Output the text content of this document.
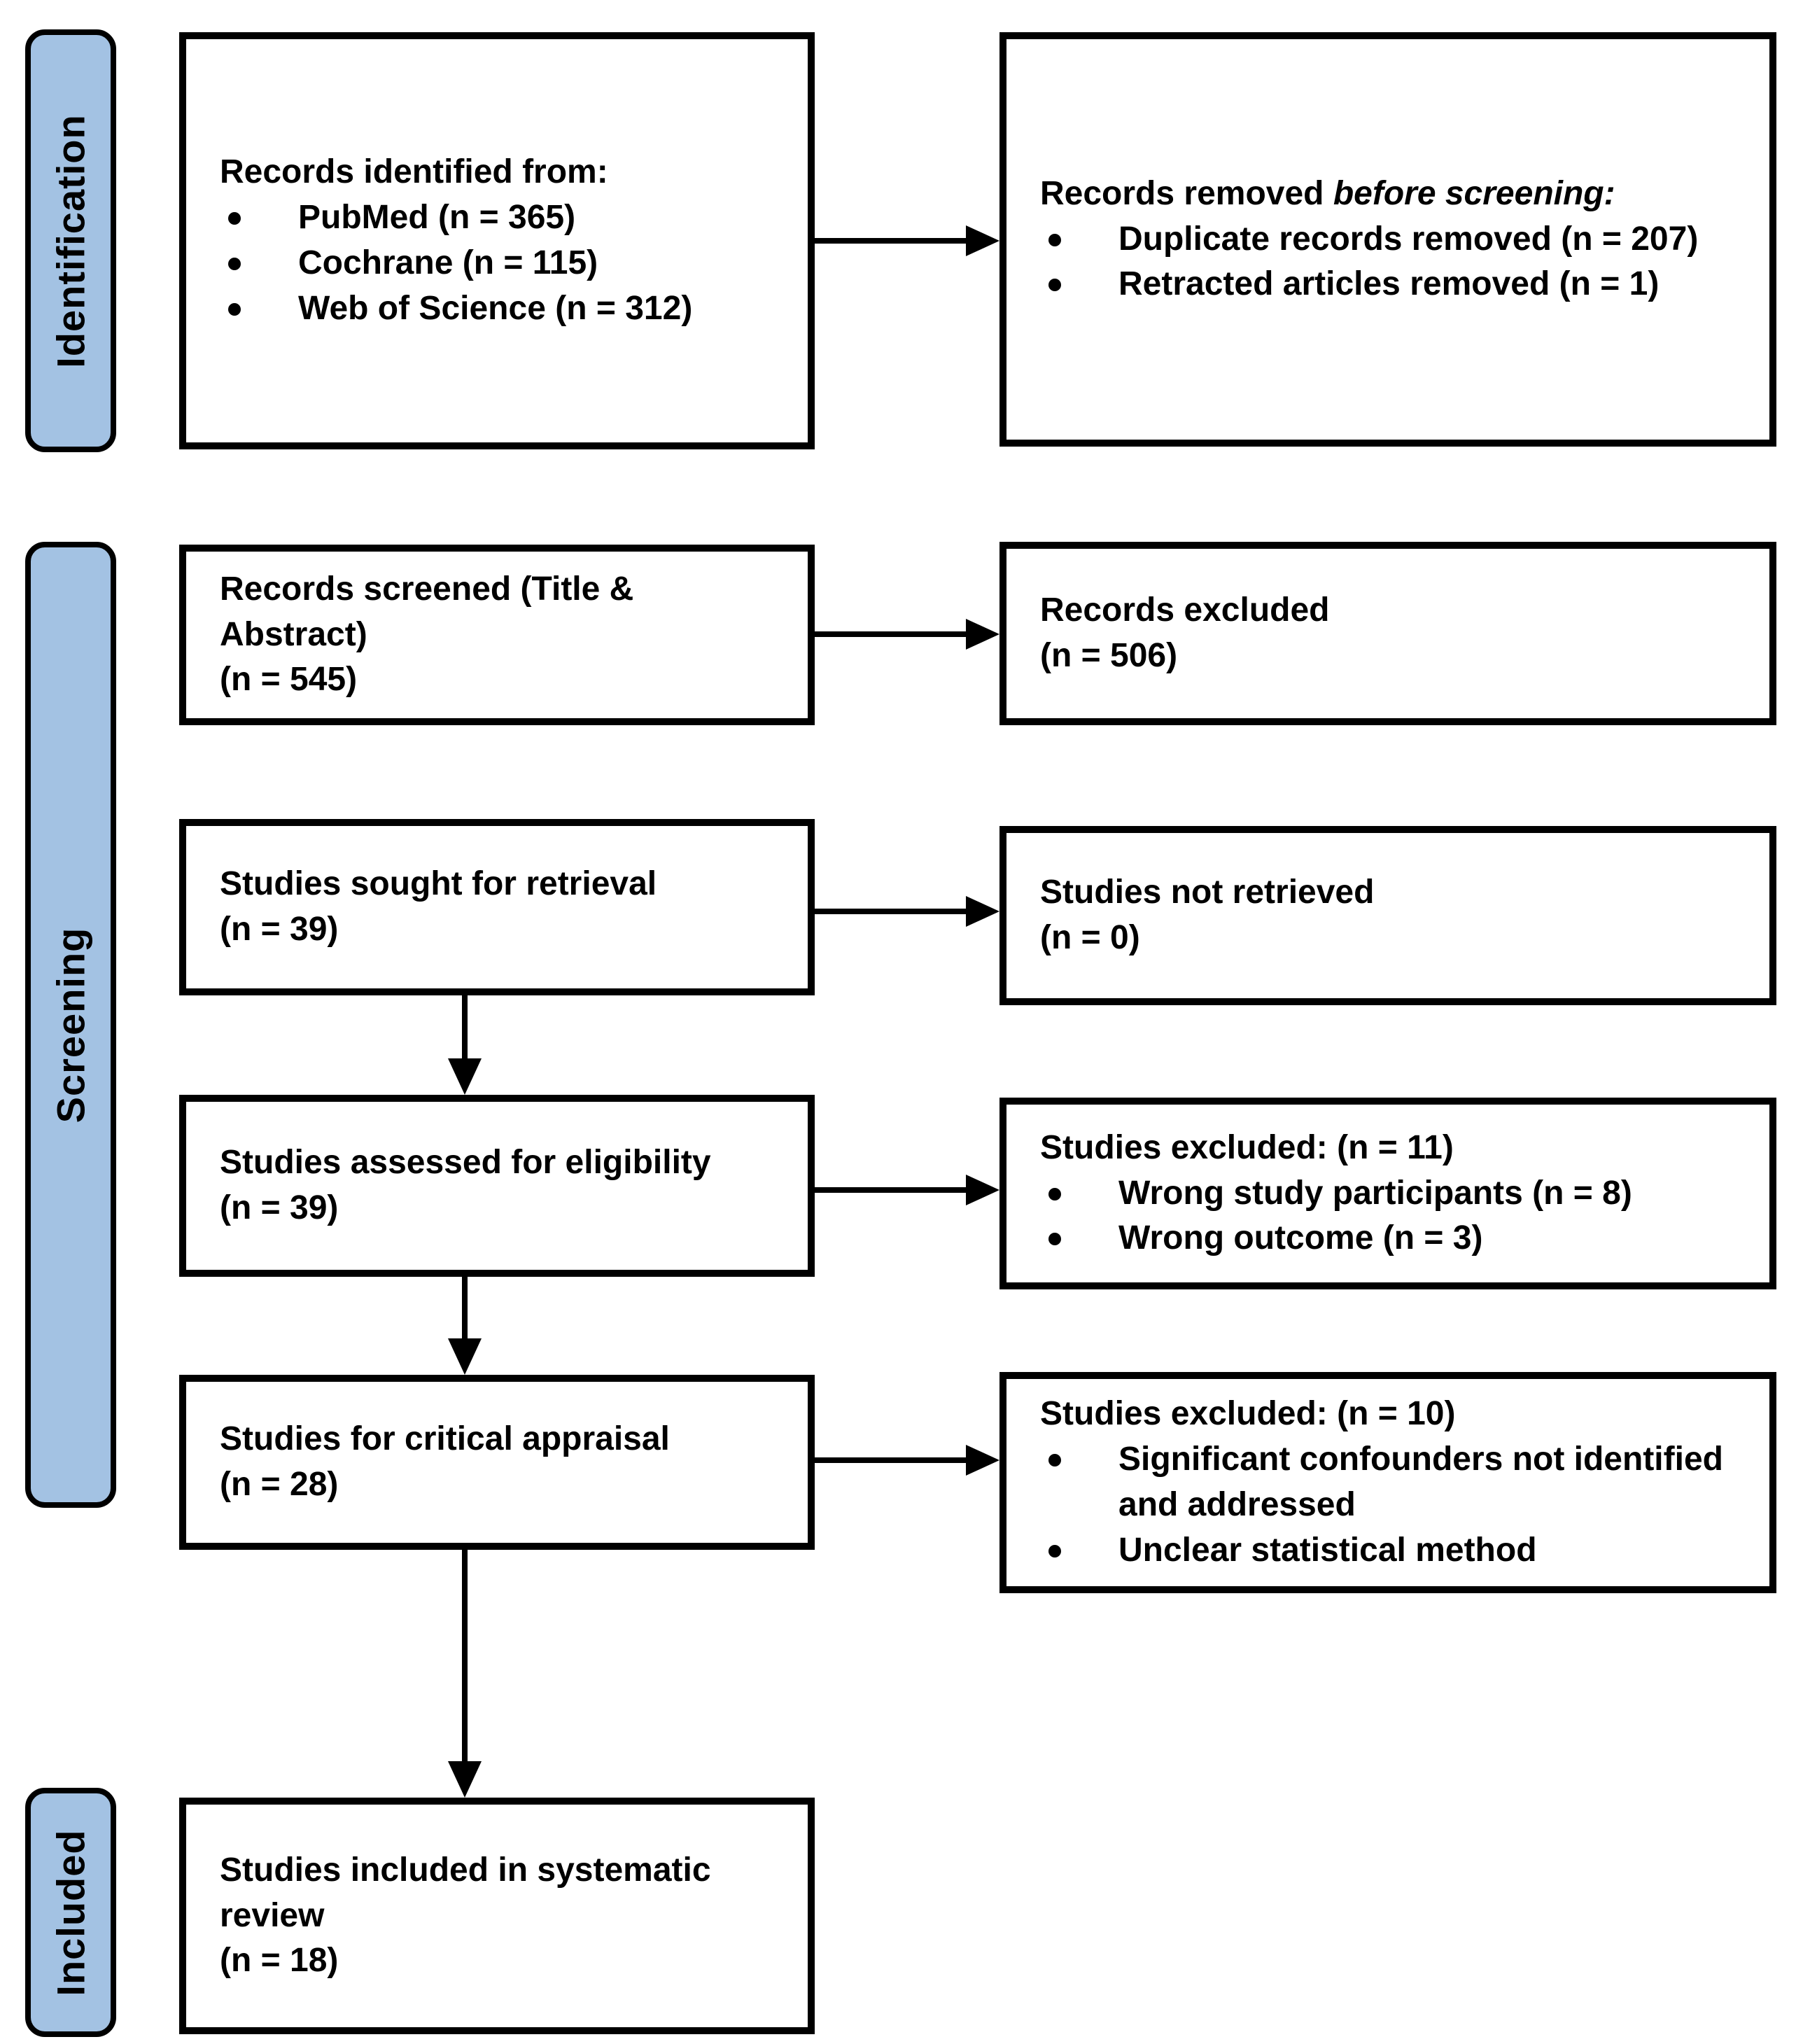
Identification
Screening
Included

Records identified from:

PubMed (n = 365)
Cochrane (n = 115)
Web of Science (n = 312)

Records removed before screening:

Duplicate records removed (n = 207)
Retracted articles removed (n = 1)

Records screened (Title & Abstract)

(n = 545)

Records excluded

(n = 506)

Studies sought for retrieval

(n = 39)

Studies not retrieved

(n = 0)

Studies assessed for eligibility

(n = 39)

Studies excluded: (n = 11)

Wrong study participants (n = 8)
Wrong outcome (n = 3)

Studies for critical appraisal

(n = 28)

Studies excluded: (n = 10)

Significant confounders not identified and addressed
Unclear statistical method

Studies included in systematic review

(n = 18)
